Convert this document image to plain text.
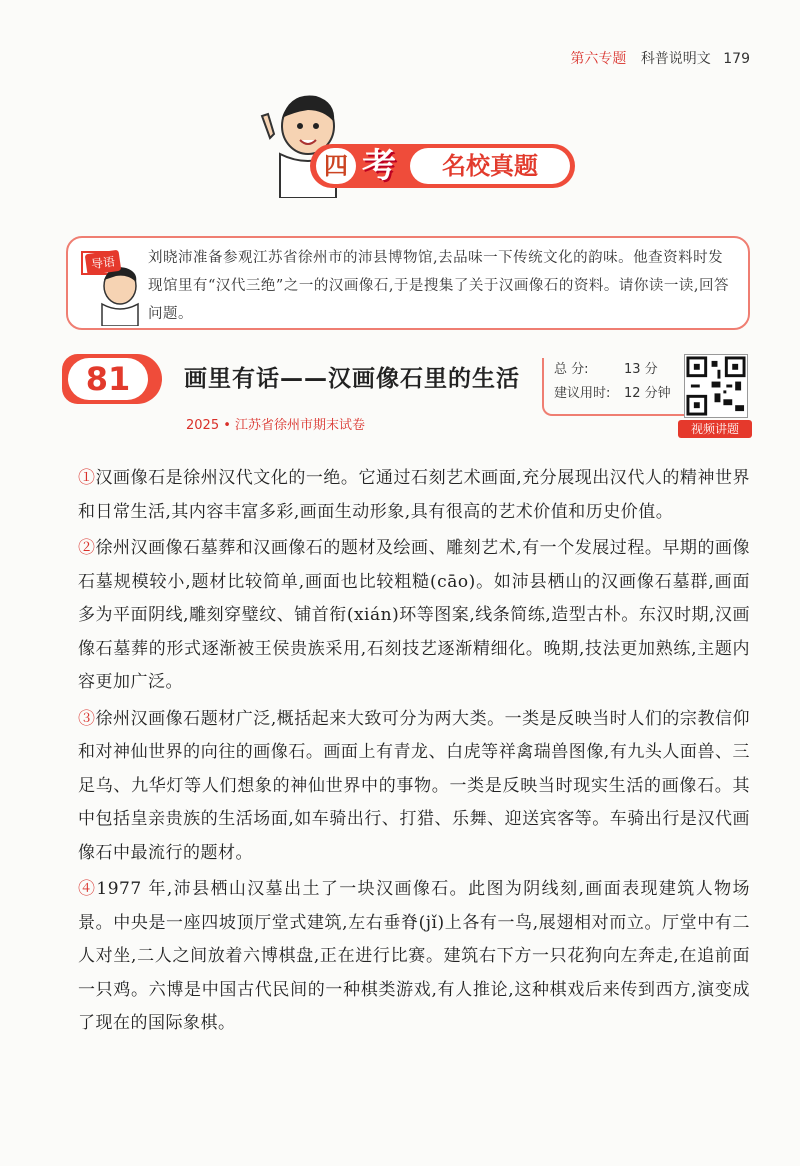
第六专题 科普说明文 179
四 考	名校真题
导语	刘晓沛准备参观江苏省徐州市的沛县博物馆,去品味一下传统文化的韵味。他查资料时发现馆里有“汉代三绝”之一的汉画像石,于是搜集了关于汉画像石的资料。请你读一读,回答问题。
81	画里有话——汉画像石里的生活
2025 • 江苏省徐州市期末试卷
总 分:	13 分
建议用时: 12 分钟
视频讲题

①汉画像石是徐州汉代文化的一绝。它通过石刻艺术画面,充分展现出汉代人的精神世界和日常生活,其内容丰富多彩,画面生动形象,具有很高的艺术价值和历史价值。

②徐州汉画像石墓葬和汉画像石的题材及绘画、雕刻艺术,有一个发展过程。早期的画像石墓规模较小,题材比较简单,画面也比较粗糙(cāo)。如沛县栖山的汉画像石墓群,画面多为平面阴线,雕刻穿璧纹、铺首衔(xián)环等图案,线条简练,造型古朴。东汉时期,汉画像石墓葬的形式逐渐被王侯贵族采用,石刻技艺逐渐精细化。晚期,技法更加熟练,主题内容更加广泛。

③徐州汉画像石题材广泛,概括起来大致可分为两大类。一类是反映当时人们的宗教信仰和对神仙世界的向往的画像石。画面上有青龙、白虎等祥禽瑞兽图像,有九头人面兽、三足乌、九华灯等人们想象的神仙世界中的事物。一类是反映当时现实生活的画像石。其中包括皇亲贵族的生活场面,如车骑出行、打猎、乐舞、迎送宾客等。车骑出行是汉代画像石中最流行的题材。

④1977 年,沛县栖山汉墓出土了一块汉画像石。此图为阴线刻,画面表现建筑人物场景。中央是一座四坡顶厅堂式建筑,左右垂脊(jǐ)上各有一鸟,展翅相对而立。厅堂中有二人对坐,二人之间放着六博棋盘,正在进行比赛。建筑右下方一只花狗向左奔走,在追前面一只鸡。六博是中国古代民间的一种棋类游戏,有人推论,这种棋戏后来传到西方,演变成了现在的国际象棋。
